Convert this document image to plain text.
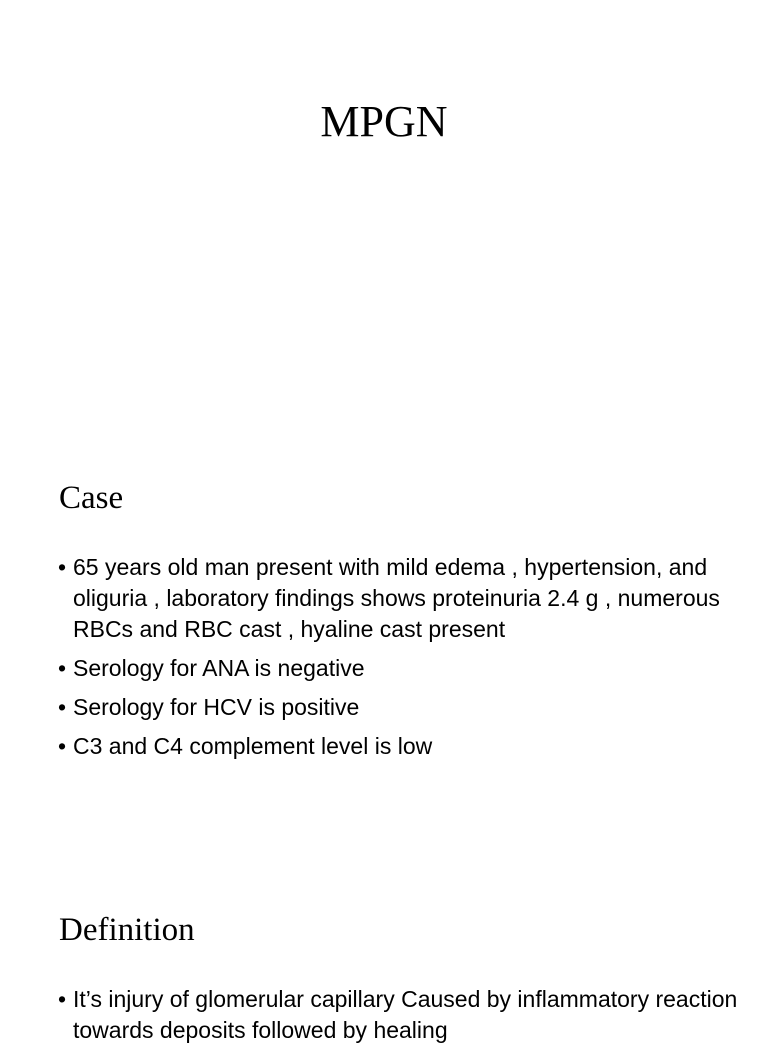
MPGN
Case
• 65 years old man present with mild edema , hypertension, and oliguria , laboratory findings shows proteinuria 2.4 g , numerous RBCs and RBC cast , hyaline cast present
• Serology for ANA is negative
• Serology for HCV is positive
• C3 and C4 complement level is low
Definition
• It’s injury of glomerular capillary Caused by inflammatory reaction towards deposits followed by healing
